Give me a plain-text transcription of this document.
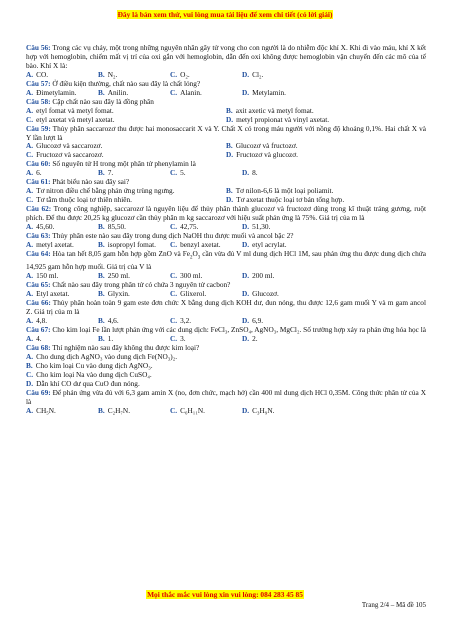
Đây là bản xem thử, vui lòng mua tài liệu để xem chi tiết (có lời giải)

Câu 56: Trong các vụ cháy, một trong những nguyên nhân gây tử vong cho con người là do nhiễm độc khí X. Khi đi vào máu, khí X kết hợp với hemoglobin, chiếm mất vị trí của oxi gắn với hemoglobin, dẫn đến oxi không được hemoglobin vận chuyển đến các mô của tế bào. Khí X là:

A. CO.	B. N₂.	C. O₂.	D. Cl₂.

Câu 57: Ở điều kiện thường, chất nào sau đây là chất lỏng?

A. Đimetylamin.	B. Anilin.	C. Alanin.	D. Metylamin.

Câu 58: Cặp chất nào sau đây là đồng phân

A. etyl fomat và metyl fomat.	B. axit axetic và metyl fomat.
C. etyl axetat và metyl axetat.	D. metyl propionat và vinyl axetat.

Câu 59: Thủy phân saccarozơ thu được hai monosaccarit X và Y. Chất X có trong máu người với nồng độ khoảng 0,1%. Hai chất X và Y lần lượt là

A. Glucozơ và saccarozơ.	B. Glucozơ và fructozơ.
C. Fructozơ và saccarozơ.	D. Fructozơ và glucozơ.

Câu 60: Số nguyên tử H trong một phân tử phenylamin là

A. 6.	B. 7.	C. 5.	D. 8.

Câu 61: Phát biểu nào sau đây sai?

A. Tơ nitron điều chế bằng phản ứng trùng ngưng.	B. Tơ nilon-6,6 là một loại poliamit.
C. Tơ tằm thuộc loại tơ thiên nhiên.	D. Tơ axetat thuộc loại tơ bán tổng hợp.

Câu 62: Trong công nghiệp, saccarozơ là nguyên liệu để thủy phân thành glucozơ và fructozơ dùng trong kĩ thuật tráng gương, ruột phích. Để thu được 20,25 kg glucozơ cần thủy phân m kg saccarozơ với hiệu suất phản ứng là 75%. Giá trị của m là

A. 45,60.	B. 85,50.	C. 42,75.	D. 51,30.

Câu 63: Thủy phân este nào sau đây trong dung dịch NaOH thu được muối và ancol bậc 2?

A. metyl axetat.	B. isopropyl fomat.	C. benzyl axetat.	D. etyl acrylat.

Câu 64: Hòa tan hết 8,05 gam hỗn hợp gồm ZnO và $Fe_2O_3$ cần vừa đủ V ml dung dịch HCl 1M, sau phản ứng thu được dung dịch chứa 14,925 gam hỗn hợp muối. Giá trị của V là

A. 150 ml.	B. 250 ml.	C. 300 ml.	D. 200 ml.

Câu 65: Chất nào sau đây trong phân tử có chứa 3 nguyên tử cacbon?

A. Etyl axetat.	B. Glyxin.	C. Glixerol.	D. Glucozơ.

Câu 66: Thủy phân hoàn toàn 9 gam este đơn chức X bằng dung dịch KOH dư, đun nóng, thu được 12,6 gam muối Y và m gam ancol Z. Giá trị của m là

A. 4,8.	B. 4,6.	C. 3,2.	D. 6,9.

Câu 67: Cho kim loại Fe lần lượt phản ứng với các dung dịch: FeCl₃, ZnSO₄, AgNO₃, MgCl₂. Số trường hợp xảy ra phản ứng hóa học là

A. 4.	B. 1.	C. 3.	D. 2.

Câu 68: Thí nghiệm nào sau đây không thu được kim loại?

A. Cho dung dịch AgNO₃ vào dung dịch Fe(NO₃)₂.
B. Cho kim loại Cu vào dung dịch AgNO₃.
C. Cho kim loại Na vào dung dịch CuSO₄.
D. Dẫn khí CO dư qua CuO đun nóng.

Câu 69: Để phản ứng vừa đủ với 6,3 gam amin X (no, đơn chức, mạch hở) cần 400 ml dung dịch HCl 0,35M. Công thức phân tử của X là

A. CH₅N.	B. C₂H₇N.	C. C₆H₁₁N.	D. C₃H₉N.
Mọi thắc mắc vui lòng xin vui lòng: 084 283 45 85
Trang 2/4 – Mã đề 105
